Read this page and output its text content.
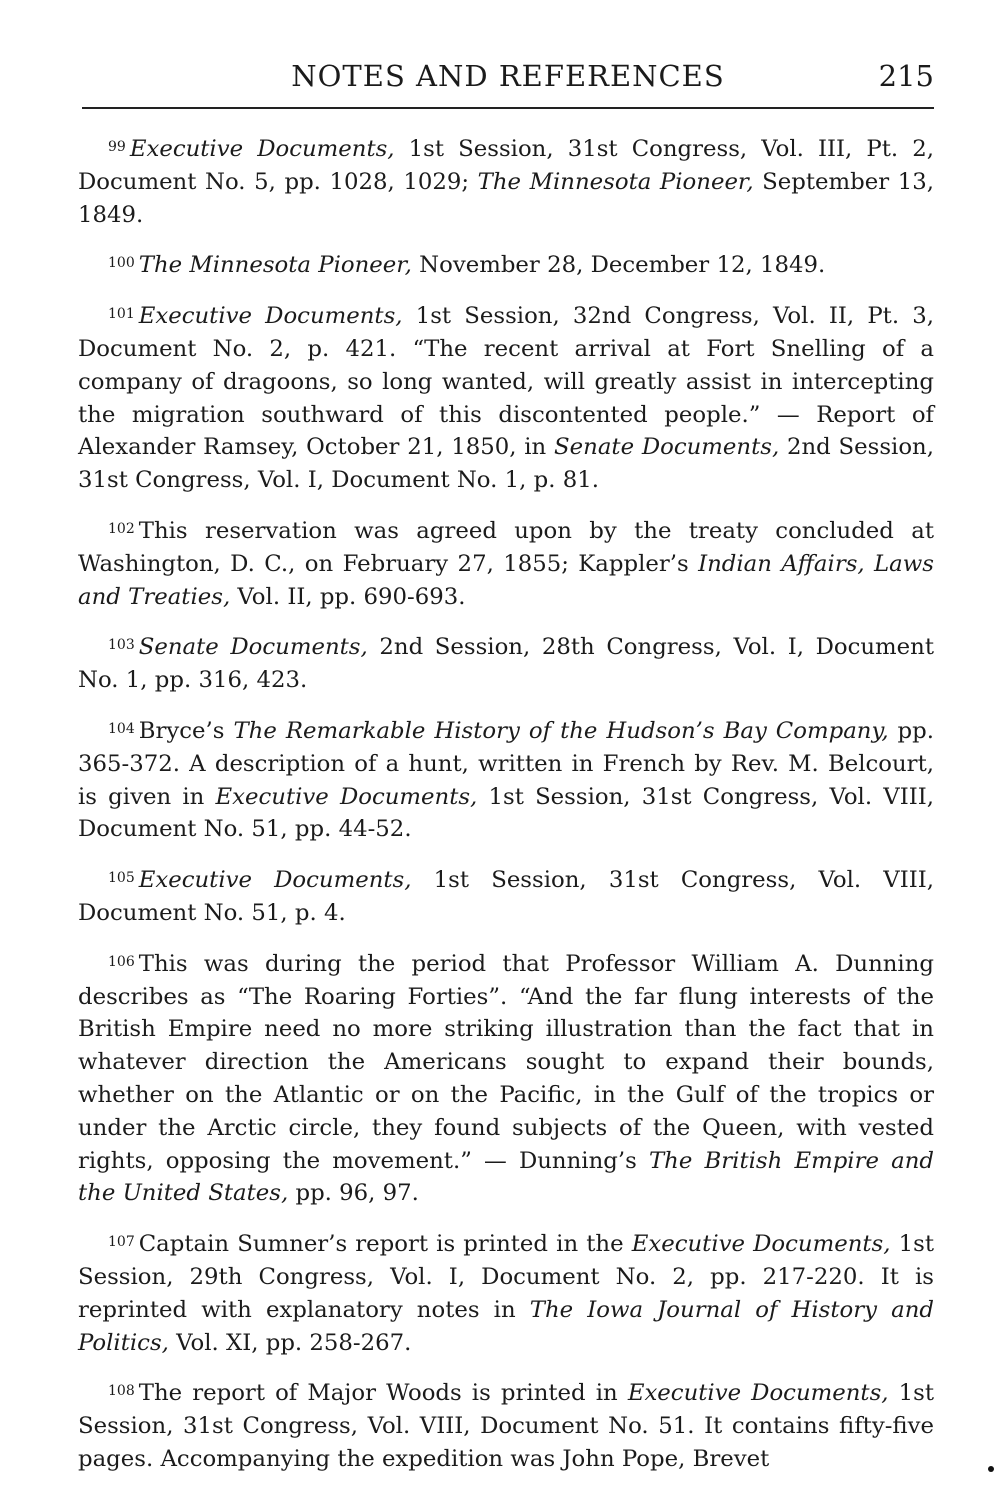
NOTES AND REFERENCES	215

$^{99}$ Executive Documents, 1st Session, 31st Congress, Vol. III, Pt. 2, Document No. 5, pp. 1028, 1029; The Minnesota Pioneer, September 13, 1849.

$^{100}$ The Minnesota Pioneer, November 28, December 12, 1849.

$^{101}$ Executive Documents, 1st Session, 32nd Congress, Vol. II, Pt. 3, Document No. 2, p. 421. “The recent arrival at Fort Snelling of a company of dragoons, so long wanted, will greatly assist in intercepting the migration southward of this discontented people.” — Report of Alexander Ramsey, October 21, 1850, in Senate Documents, 2nd Session, 31st Congress, Vol. I, Document No. 1, p. 81.

$^{102}$ This reservation was agreed upon by the treaty concluded at Washington, D. C., on February 27, 1855; Kappler’s Indian Affairs, Laws and Treaties, Vol. II, pp. 690-693.

$^{103}$ Senate Documents, 2nd Session, 28th Congress, Vol. I, Document No. 1, pp. 316, 423.

$^{104}$ Bryce’s The Remarkable History of the Hudson’s Bay Company, pp. 365-372. A description of a hunt, written in French by Rev. M. Belcourt, is given in Executive Documents, 1st Session, 31st Congress, Vol. VIII, Document No. 51, pp. 44-52.

$^{105}$ Executive Documents, 1st Session, 31st Congress, Vol. VIII, Document No. 51, p. 4.

$^{106}$ This was during the period that Professor William A. Dunning describes as “The Roaring Forties”. “And the far flung interests of the British Empire need no more striking illustration than the fact that in whatever direction the Americans sought to expand their bounds, whether on the Atlantic or on the Pacific, in the Gulf of the tropics or under the Arctic circle, they found subjects of the Queen, with vested rights, opposing the movement.” — Dunning’s The British Empire and the United States, pp. 96, 97.

$^{107}$ Captain Sumner’s report is printed in the Executive Documents, 1st Session, 29th Congress, Vol. I, Document No. 2, pp. 217-220. It is reprinted with explanatory notes in The Iowa Journal of History and Politics, Vol. XI, pp. 258-267.

$^{108}$ The report of Major Woods is printed in Executive Documents, 1st Session, 31st Congress, Vol. VIII, Document No. 51. It contains fifty-five pages. Accompanying the expedition was John Pope, Brevet
